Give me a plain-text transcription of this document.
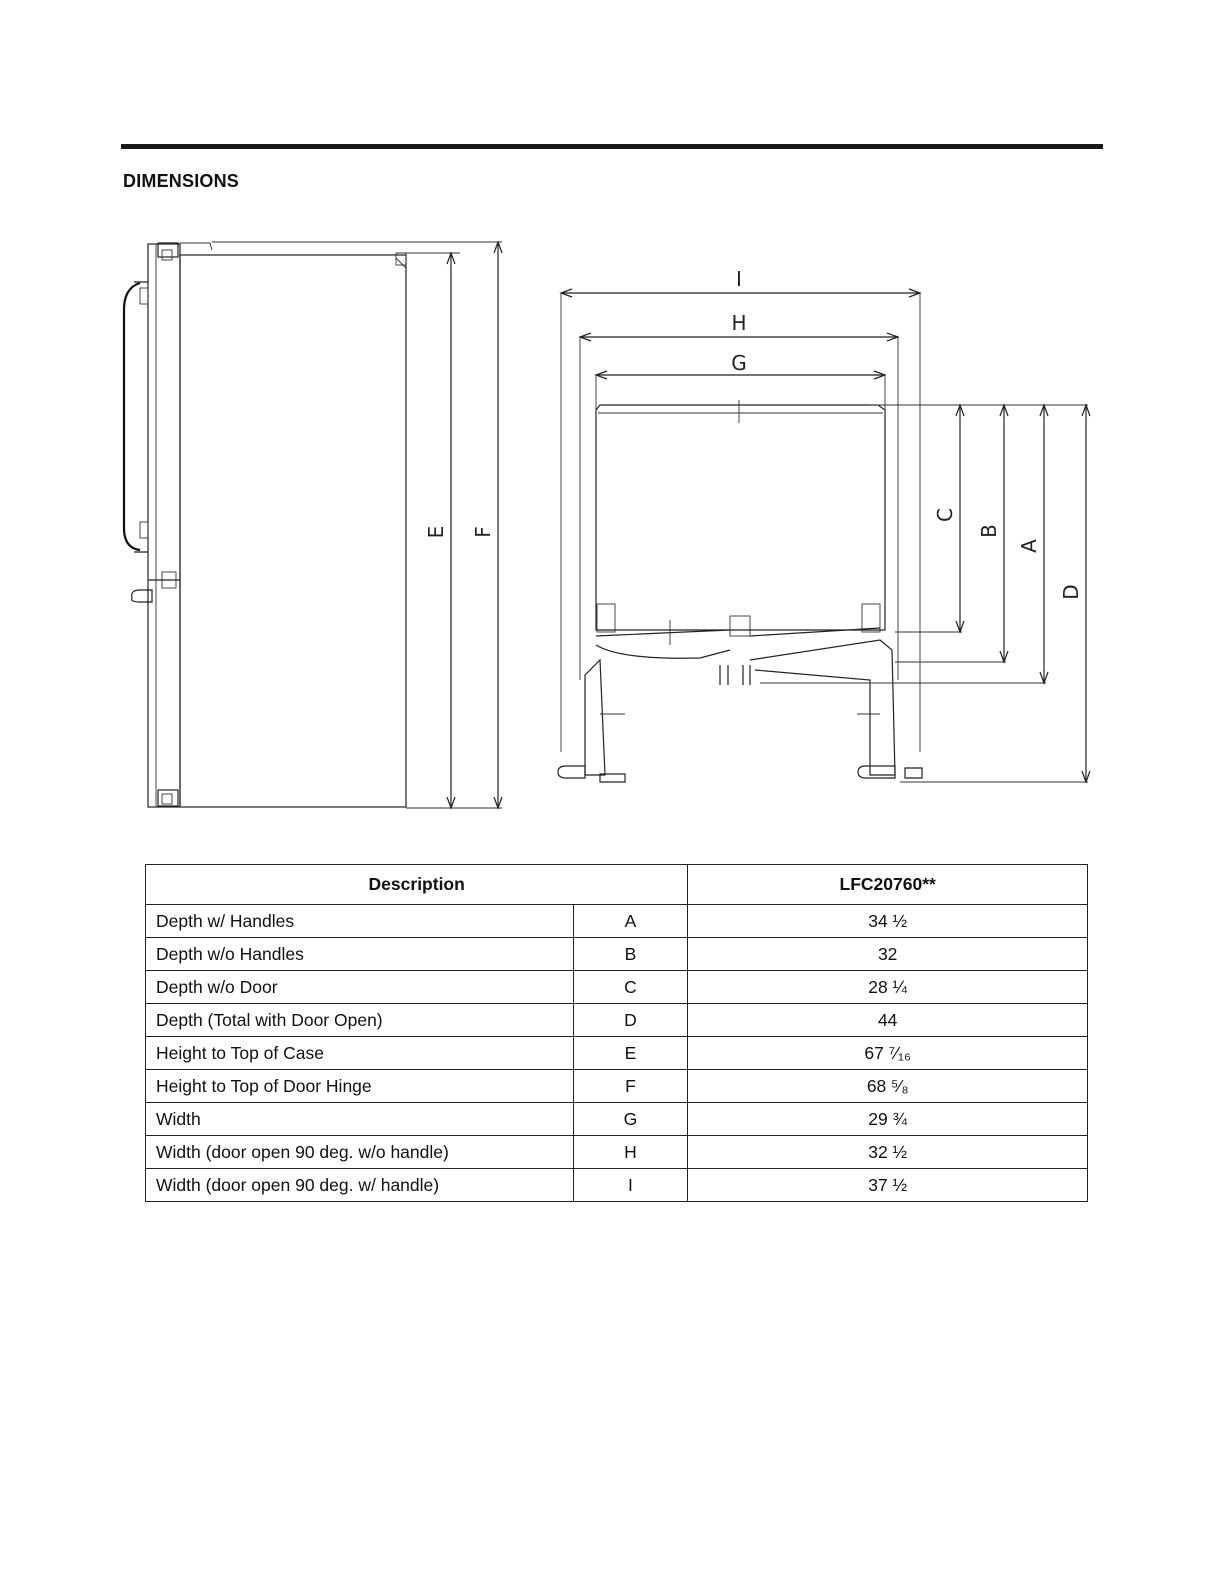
DIMENSIONS
E F
I
H
G
C
B
A
D
Description		LFC20760**
Depth w/ Handles	A	34 ½
Depth w/o Handles	B	32
Depth w/o Door	C	28 ¼
Depth (Total with Door Open)	D	44
Height to Top of Case	E	67 ⁷⁄₁₆
Height to Top of Door Hinge	F	68 ⁵⁄₈
Width	G	29 ¾
Width (door open 90 deg. w/o handle)	H	32 ½
Width (door open 90 deg. w/ handle)	I	37 ½
